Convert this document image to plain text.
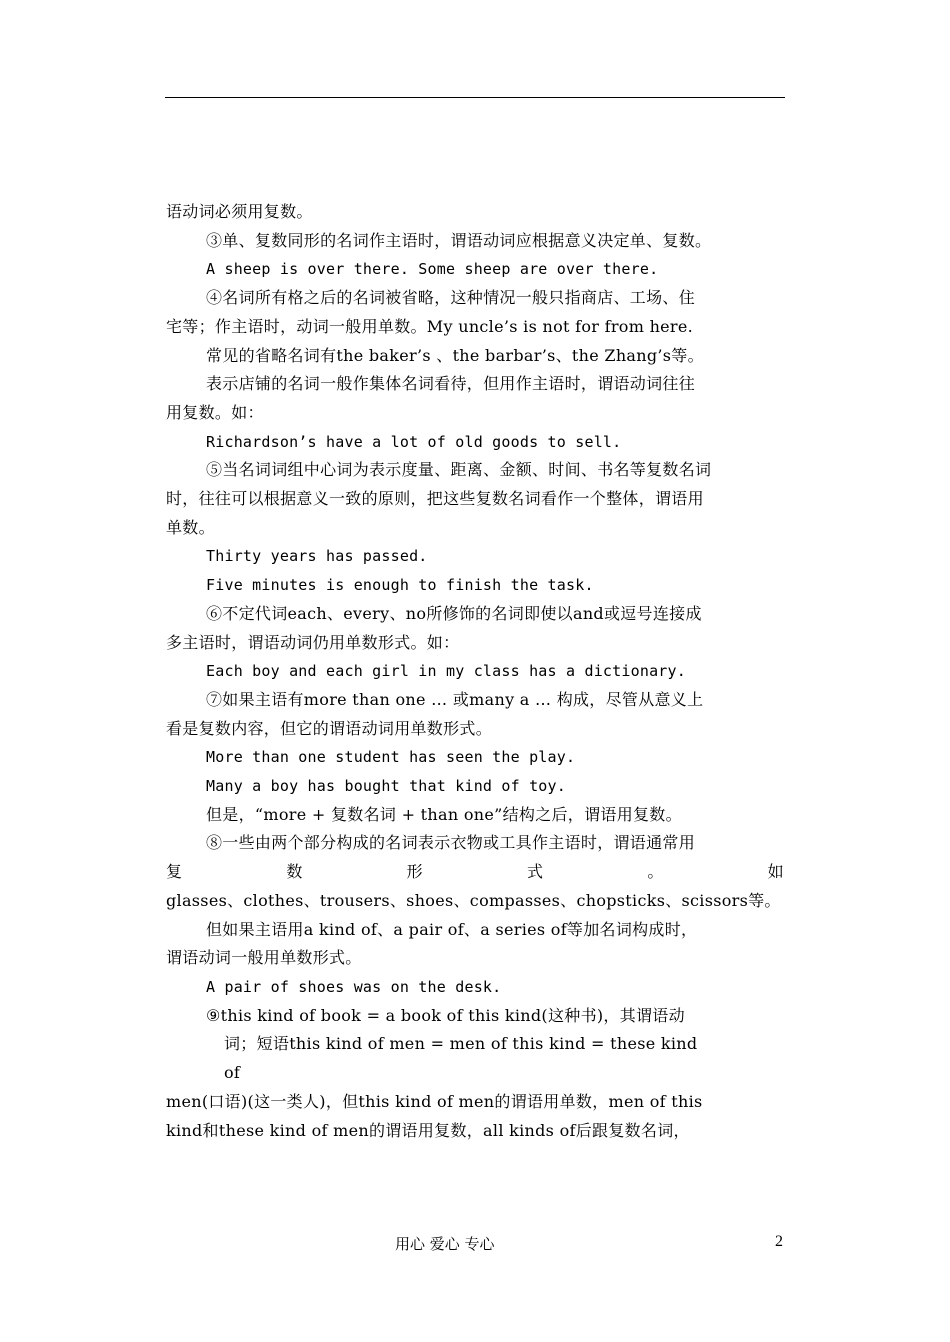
语动词必须用复数。

③单、复数同形的名词作主语时，谓语动词应根据意义决定单、复数。

A sheep is over there. Some sheep are over there.

④名词所有格之后的名词被省略，这种情况一般只指商店、工场、住

宅等；作主语时，动词一般用单数。My uncle’s is not for from here.

常见的省略名词有the baker’s 、the barbar’s、the Zhang’s等。

表示店铺的名词一般作集体名词看待，但用作主语时，谓语动词往往

用复数。如：

Richardson’s have a lot of old goods to sell.

⑤当名词词组中心词为表示度量、距离、金额、时间、书名等复数名词

时，往往可以根据意义一致的原则，把这些复数名词看作一个整体，谓语用

单数。

Thirty years has passed.

Five minutes is enough to finish the task.

⑥不定代词each、every、no所修饰的名词即使以and或逗号连接成

多主语时，谓语动词仍用单数形式。如：

Each boy and each girl in my class has a dictionary.

⑦如果主语有more than one … 或many a … 构成，尽管从意义上

看是复数内容，但它的谓语动词用单数形式。

More than one student has seen the play.

Many a boy has bought that kind of toy.

但是，“more + 复数名词 + than one”结构之后，谓语用复数。

⑧一些由两个部分构成的名词表示衣物或工具作主语时，谓语通常用

复	数	形	式	。	如

glasses、clothes、trousers、shoes、compasses、chopsticks、scissors等。

但如果主语用a kind of、a pair of、a series of等加名词构成时，

谓语动词一般用单数形式。

A pair of shoes was on the desk.

⑨this kind of book = a book of this kind(这种书)，其谓语动

词；短语this kind of men = men of this kind = these kind

of

men(口语)(这一类人)，但this kind of men的谓语用单数，men of this

kind和these kind of men的谓语用复数，all kinds of后跟复数名词，

用心 爱心 专心	2
